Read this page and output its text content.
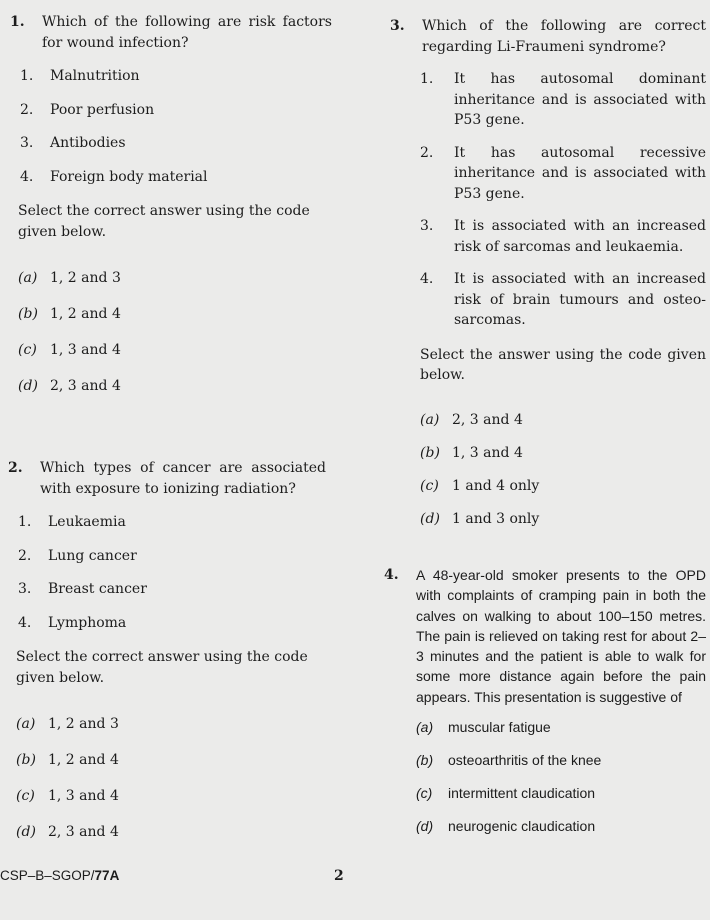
1 .	Which of the following are risk factors for wound infection?
1 .	Malnutrition
2 .	Poor perfusion
3 .	Antibodies
4 .	Foreign body material
Select the correct answer using the code given below.
( a )	1, 2 and 3
( b )	1, 2 and 4
( c )	1, 3 and 4
( d )	2, 3 and 4
2 .	Which types of cancer are associated with exposure to ionizing radiation?
1 .	Leukaemia
2 .	Lung cancer
3 .	Breast cancer
4 .	Lymphoma
Select the correct answer using the code given below.
( a )	1, 2 and 3
( b )	1, 2 and 4
( c )	1, 3 and 4
( d )	2, 3 and 4
3 .	Which of the following are correct regarding Li-Fraumeni syndrome?
1 .	It has autosomal dominant inheritance and is associated with P53 gene.
2 .	It has autosomal recessive inheritance and is associated with P53 gene.
3 .	It is associated with an increased risk of sarcomas and leukaemia.
4 .	It is associated with an increased risk of brain tumours and osteo-sarcomas.
Select the answer using the code given below.
( a )	2, 3 and 4
( b )	1, 3 and 4
( c )	1 and 4 only
( d )	1 and 3 only
4 .	A 48-year-old smoker presents to the OPD with complaints of cramping pain in both the calves on walking to about 100–150 metres. The pain is relieved on taking rest for about 2–3 minutes and the patient is able to walk for some more distance again before the pain appears. This presentation is suggestive of
( a )	muscular fatigue
( b )	osteoarthritis of the knee
( c )	intermittent claudication
( d )	neurogenic claudication
CSP–B–SGOP/77A	2
